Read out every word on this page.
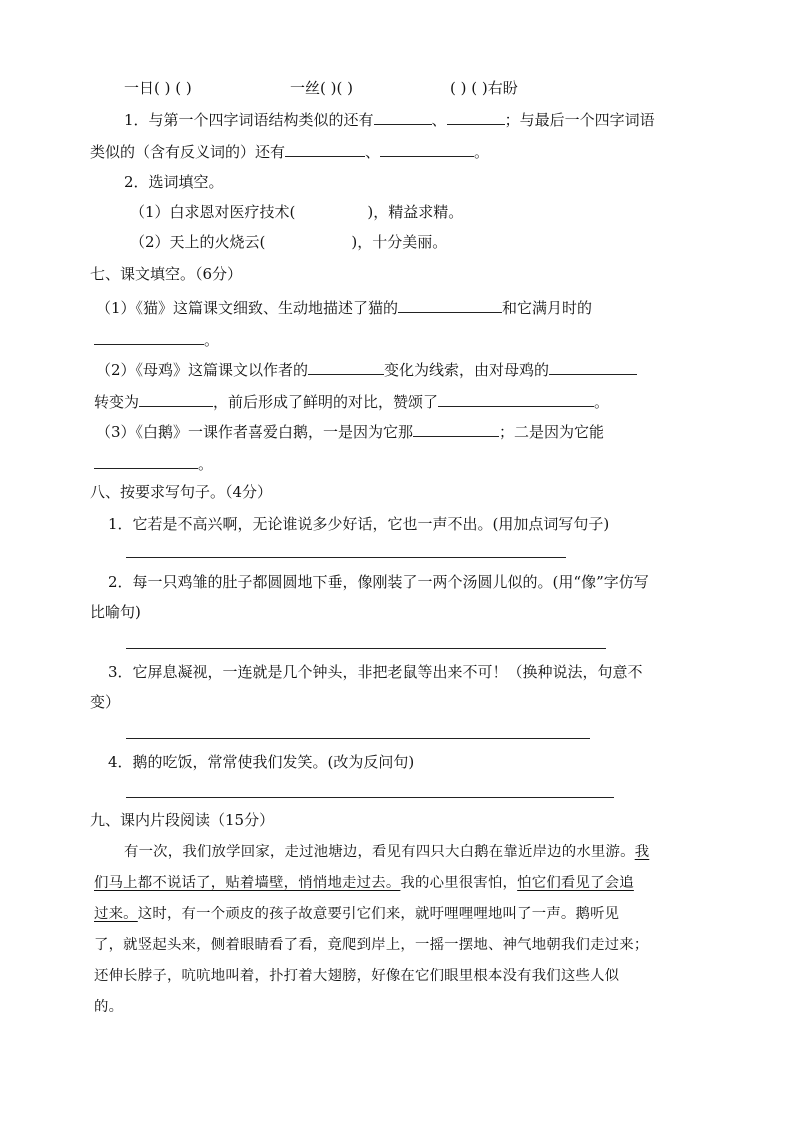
一日( ) ( )	一丝( )( )	( ) ( )右盼
1．与第一个四字词语结构类似的还有	、	；与最后一个四字词语
类似的（含有反义词的）还有	、	。
2．选词填空。
（1）白求恩对医疗技术(	)，精益求精。
（2）天上的火烧云(	)，十分美丽。
七、课文填空。（6分）
（1）《猫》这篇课文细致、生动地描述了猫的	和它满月时的
。
（2）《母鸡》这篇课文以作者的	变化为线索，由对母鸡的
转变为	，前后形成了鲜明的对比，赞颂了	。
（3）《白鹅》一课作者喜爱白鹅，一是因为它那	；二是因为它能
。
八、按要求写句子。（4分）
1．它若是不高兴啊，无论谁说多少好话，它也一声不出。(用加点词写句子)
2．每一只鸡雏的肚子都圆圆地下垂，像刚装了一两个汤圆儿似的。(用“像”字仿写
比喻句)
3．它屏息凝视，一连就是几个钟头，非把老鼠等出来不可！（换种说法，句意不
变）
4．鹅的吃饭，常常使我们发笑。(改为反问句)
九、课内片段阅读（15分）
有一次，我们放学回家，走过池塘边，看见有四只大白鹅在靠近岸边的水里游。我
们马上都不说话了，贴着墙壁，悄悄地走过去。我的心里很害怕，怕它们看见了会追
过来。这时，有一个顽皮的孩子故意要引它们来，就吁哩哩哩地叫了一声。鹅听见
了，就竖起头来，侧着眼睛看了看，竟爬到岸上，一摇一摆地、神气地朝我们走过来；
还伸长脖子，吭吭地叫着，扑打着大翅膀，好像在它们眼里根本没有我们这些人似
的。
